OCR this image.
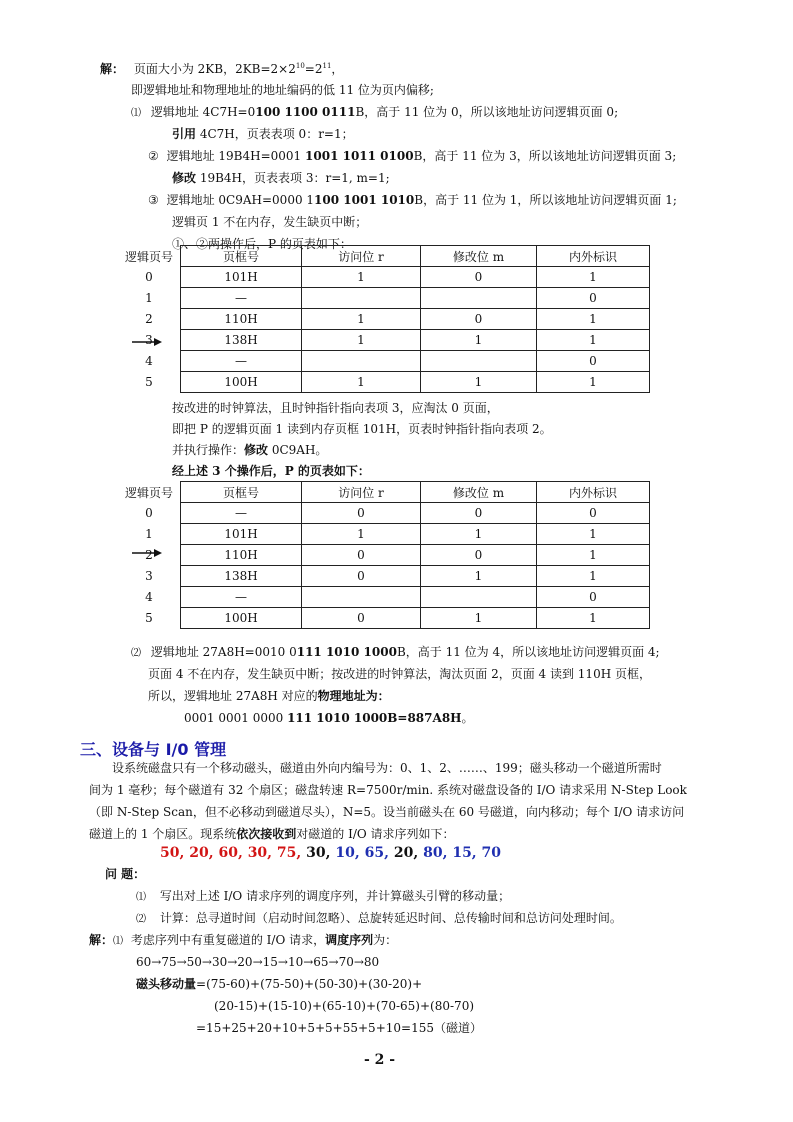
解： 页面大小为 2KB，$2KB=2\times 2^{10}=2^{11}$，
即逻辑地址和物理地址的地址编码的低 11 位为页内偏移;
⑴ 逻辑地址 4C7H=0100 1100 0111B，高于 11 位为 0，所以该地址访问逻辑页面 0;
引用 4C7H，页表表项 0：r=1；
② 逻辑地址 19B4H=0001 1001 1011 0100B，高于 11 位为 3，所以该地址访问逻辑页面 3;
修改 19B4H，页表表项 3：r=1, m=1;
③ 逻辑地址 0C9AH=0000 1100 1001 1010B，高于 11 位为 1，所以该地址访问逻辑页面 1;
逻辑页 1 不在内存，发生缺页中断；
①、②两操作后，P 的页表如下：
逻辑页号	页框号	访问位 r	修改位 m	内外标识
0	101H	1	0	1
1	—			0
2	110H	1	0	1
3	138H	1	1	1
4	—			0
5	100H	1	1	1
按改进的时钟算法，且时钟指针指向表项 3，应淘汰 0 页面，
即把 P 的逻辑页面 1 读到内存页框 101H，页表时钟指针指向表项 2。
并执行操作：修改 0C9AH。
经上述 3 个操作后，P 的页表如下：
逻辑页号	页框号	访问位 r	修改位 m	内外标识
0	—	0	0	0
1	101H	1	1	1
2	110H	0	0	1
3	138H	0	1	1
4	—			0
5	100H	0	1	1
⑵ 逻辑地址 27A8H=0010 0111 1010 1000B，高于 11 位为 4，所以该地址访问逻辑页面 4;
页面 4 不在内存，发生缺页中断；按改进的时钟算法，淘汰页面 2，页面 4 读到 110H 页框，
所以，逻辑地址 27A8H 对应的物理地址为：
0001 0001 0000 111 1010 1000B=887A8H。
三、设备与 I/0 管理
设系统磁盘只有一个移动磁头，磁道由外向内编号为：0、1、2、……、199；磁头移动一个磁道所需时
间为 1 毫秒；每个磁道有 32 个扇区；磁盘转速 R=7500r/min. 系统对磁盘设备的 I/O 请求采用 N-Step Look
（即 N-Step Scan，但不必移动到磁道尽头），N=5。设当前磁头在 60 号磁道，向内移动；每个 I/O 请求访问
磁道上的 1 个扇区。现系统依次接收到对磁道的 I/O 请求序列如下：
50, 20, 60, 30, 75, 30, 10, 65, 20, 80, 15, 70
问 题：
⑴ 写出对上述 I/O 请求序列的调度序列，并计算磁头引臂的移动量；
⑵ 计算：总寻道时间（启动时间忽略）、总旋转延迟时间、总传输时间和总访问处理时间。
解：⑴ 考虑序列中有重复磁道的 I/O 请求，调度序列为：
60→75→50→30→20→15→10→65→70→80
磁头移动量=(75-60)+(75-50)+(50-30)+(30-20)+
(20-15)+(15-10)+(65-10)+(70-65)+(80-70)
=15+25+20+10+5+5+55+5+10=155（磁道）
- 2 -
